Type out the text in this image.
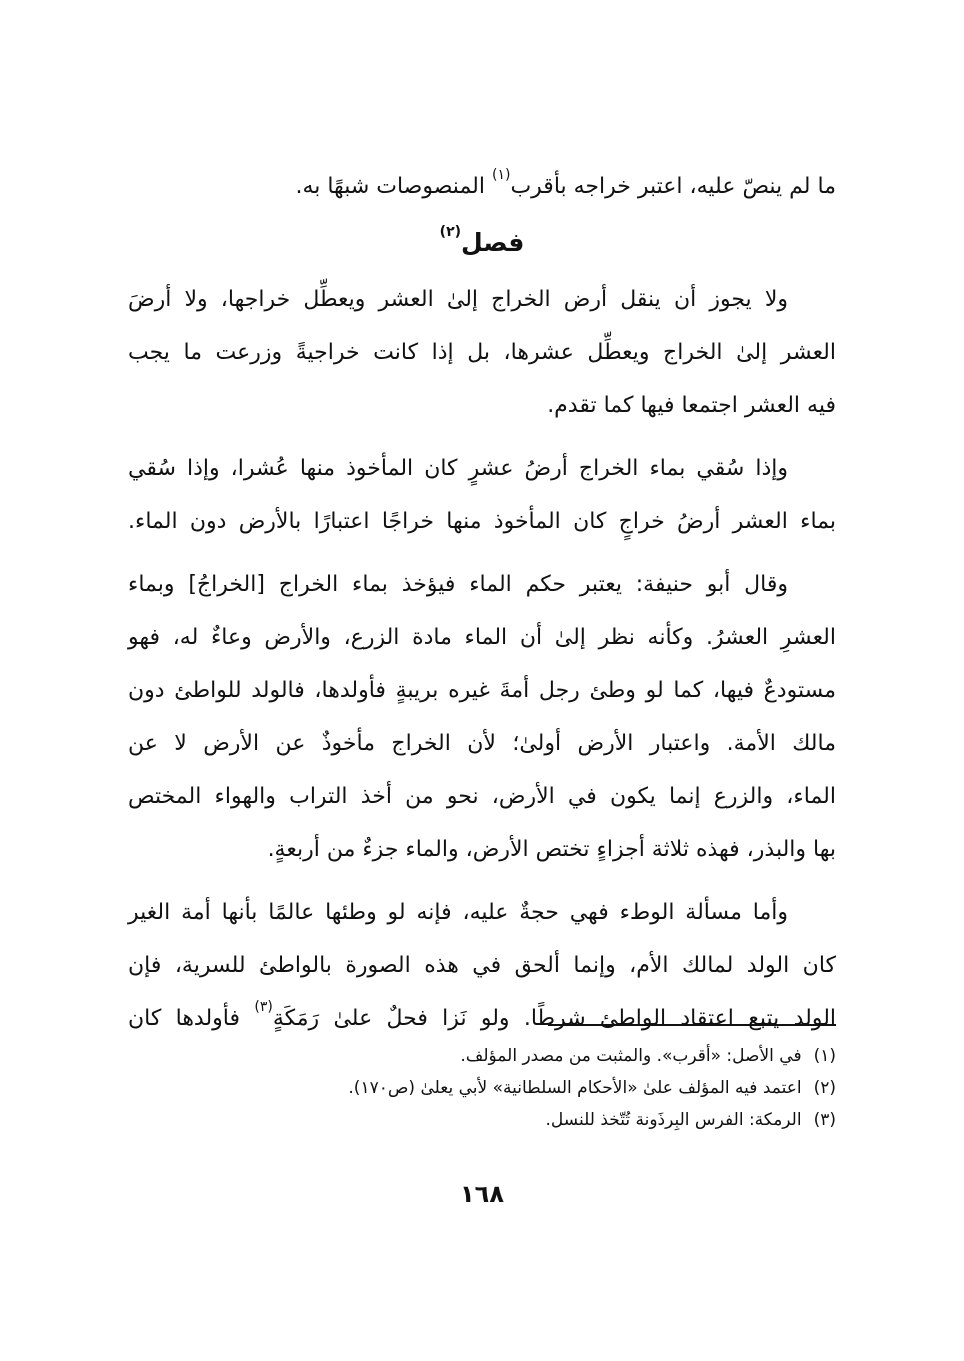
ما لم ينصّ عليه، اعتبر خراجه بأقرب$^{(١)}$ المنصوصات شبهًا به.
فصل$^{(٢)}$
ولا يجوز أن ينقل أرض الخراج إلىٰ العشر ويعطِّل خراجها، ولا أرضَ
العشر إلىٰ الخراج ويعطِّل عشرها، بل إذا كانت خراجيةً وزرعت ما يجب
فيه العشر اجتمعا فيها كما تقدم.
وإذا سُقي بماء الخراج أرضُ عشرٍ كان المأخوذ منها عُشرا، وإذا سُقي
بماء العشر أرضُ خراجٍ كان المأخوذ منها خراجًا اعتبارًا بالأرض دون الماء.
وقال أبو حنيفة: يعتبر حكم الماء فيؤخذ بماء الخراج [الخراجُ] وبماء
العشرِ العشرُ. وكأنه نظر إلىٰ أن الماء مادة الزرع، والأرض وعاءٌ له، فهو
مستودعٌ فيها، كما لو وطئ رجل أمةَ غيره بريبةٍ فأولدها، فالولد للواطئ دون
مالك الأمة. واعتبار الأرض أولىٰ؛ لأن الخراج مأخوذٌ عن الأرض لا عن
الماء، والزرع إنما يكون في الأرض، نحو من أخذ التراب والهواء المختص
بها والبذر، فهذه ثلاثة أجزاءٍ تختص الأرض، والماء جزءٌ من أربعةٍ.
وأما مسألة الوطء فهي حجةٌ عليه، فإنه لو وطئها عالمًا بأنها أمة الغير
كان الولد لمالك الأم، وإنما ألحق في هذه الصورة بالواطئ للسرية، فإن
الولد يتبع اعتقاد الواطئ شرطًا. ولو نَزا فحلٌ علىٰ رَمَكَةٍ$^{(٣)}$ فأولدها كان
(١)في الأصل: «أقرب». والمثبت من مصدر المؤلف.
(٢)اعتمد فيه المؤلف علىٰ «الأحكام السلطانية» لأبي يعلىٰ (ص١٧٠).
(٣)الرمكة: الفرس البِرذَونة تُتّخذ للنسل.
١٦٨
